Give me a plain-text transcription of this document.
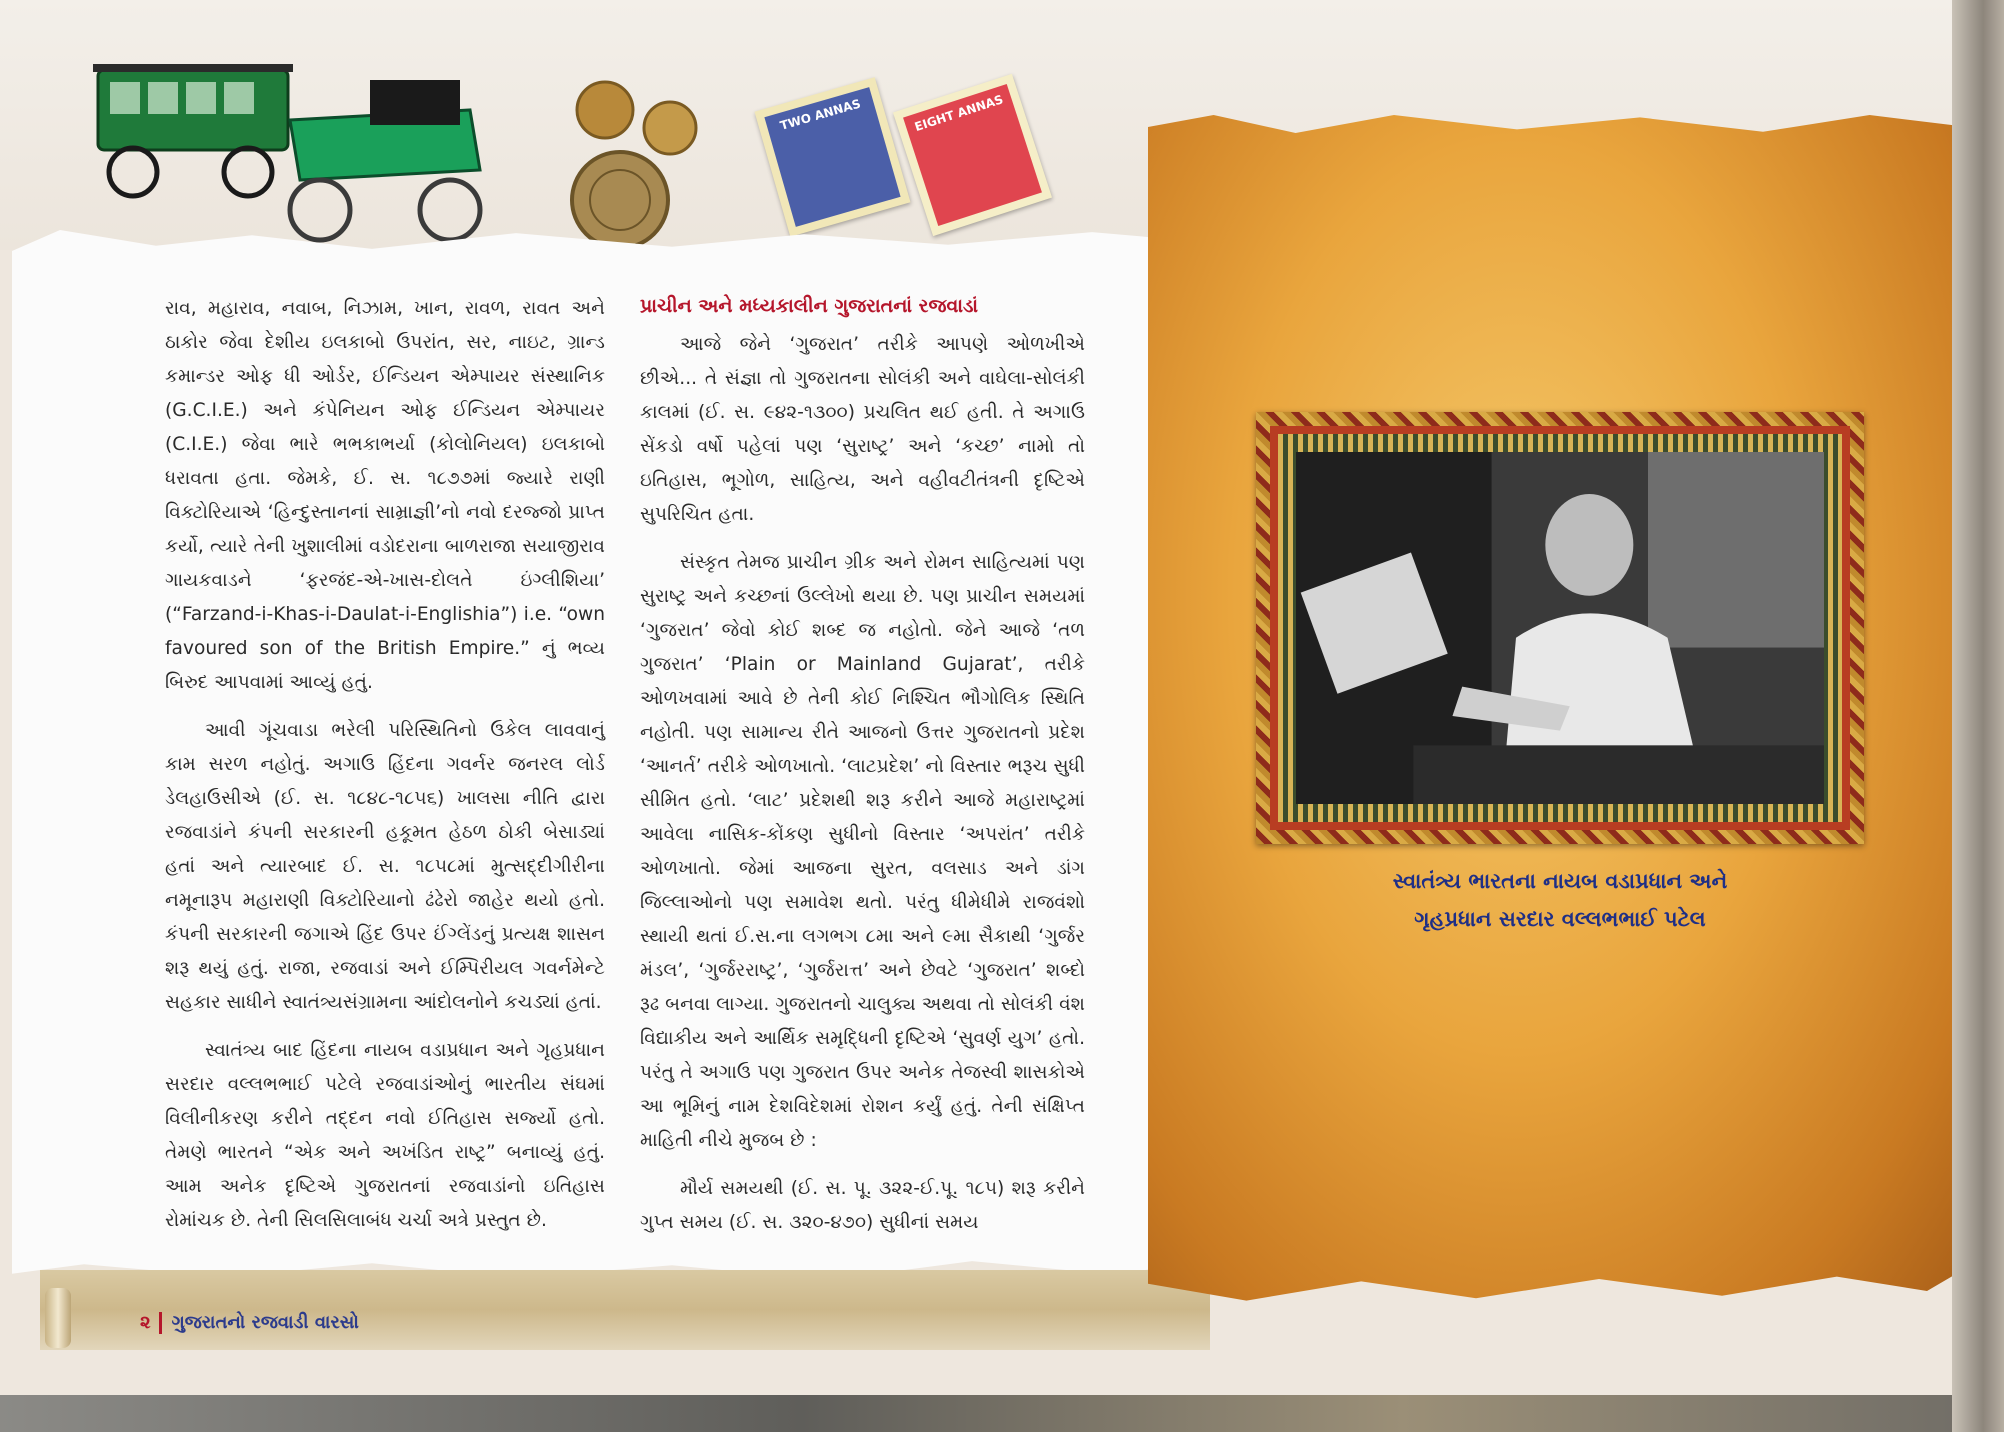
TWO ANNAS	EIGHT ANNAS

રાવ, મહારાવ, નવાબ, નિઝામ, ખાન, રાવળ, રાવત અને ઠાકોર જેવા દેશીય ઇલકાબો ઉપરાંત, સર, નાઇટ, ગ્રાન્ડ કમાન્ડર ઓફ ધી ઓર્ડર, ઈન્ડિયન એમ્પાયર સંસ્થાનિક (G.C.I.E.) અને કંપેનિયન ઓફ ઈન્ડિયન એમ્પાયર (C.I.E.) જેવા ભારે ભભકાભર્યા (કોલોનિયલ) ઇલકાબો ધરાવતા હતા. જેમકે, ઈ. સ. ૧૮૭૭માં જ્યારે રાણી વિક્ટોરિયાએ ‘હિન્દુસ્તાનનાં સામ્રાજ્ઞી’નો નવો દરજ્જો પ્રાપ્ત કર્યો, ત્યારે તેની ખુશાલીમાં વડોદરાના બાળરાજા સયાજીરાવ ગાયકવાડને ‘ફરજંદ-એ-ખાસ-દોલતે ઇંગ્લીશિયા’ (“Farzand-i-Khas-i-Daulat-i-Englishia”) i.e. “own favoured son of the British Empire.” નું ભવ્ય બિરુદ આપવામાં આવ્યું હતું.

આવી ગૂંચવાડા ભરેલી પરિસ્થિતિનો ઉકેલ લાવવાનું કામ સરળ નહોતું. અગાઉ હિંદના ગવર્નર જનરલ લોર્ડ ડેલહાઉસીએ (ઈ. સ. ૧૮૪૮-૧૮૫૬) ખાલસા નીતિ દ્વારા રજવાડાંને કંપની સરકારની હકૂમત હેઠળ ઠોકી બેસાડ્યાં હતાં અને ત્યારબાદ ઈ. સ. ૧૮૫૮માં મુત્સદ્દીગીરીના નમૂનારૂપ મહારાણી વિક્ટોરિયાનો ઢંઢેરો જાહેર થયો હતો. કંપની સરકારની જગાએ હિંદ ઉપર ઈંગ્લેંડનું પ્રત્યક્ષ શાસન શરૂ થયું હતું. રાજા, રજવાડાં અને ઈમ્પિરીયલ ગવર્નમેન્ટે સહકાર સાધીને સ્વાતંત્ર્યસંગ્રામના આંદોલનોને કચડ્યાં હતાં.

સ્વાતંત્ર્ય બાદ હિંદના નાયબ વડાપ્રધાન અને ગૃહપ્રધાન સરદાર વલ્લભભાઈ પટેલે રજવાડાંઓનું ભારતીય સંઘમાં વિલીનીકરણ કરીને તદ્દન નવો ઈતિહાસ સર્જ્યો હતો. તેમણે ભારતને “એક અને અખંડિત રાષ્ટ્ર” બનાવ્યું હતું. આમ અનેક દૃષ્ટિએ ગુજરાતનાં રજવાડાંનો ઇતિહાસ રોમાંચક છે. તેની સિલસિલાબંધ ચર્ચા અત્રે પ્રસ્તુત છે.

પ્રાચીન અને મધ્યકાલીન ગુજરાતનાં રજવાડાં

આજે જેને ‘ગુજરાત’ તરીકે આપણે ઓળખીએ છીએ... તે સંજ્ઞા તો ગુજરાતના સોલંકી અને વાઘેલા-સોલંકી કાલમાં (ઈ. સ. ૯૪૨-૧૩૦૦) પ્રચલિત થઈ હતી. તે અગાઉ સેંકડો વર્ષો પહેલાં પણ ‘સુરાષ્ટ્ર’ અને ‘કચ્છ’ નામો તો ઇતિહાસ, ભૂગોળ, સાહિત્ય, અને વહીવટીતંત્રની દૃષ્ટિએ સુપરિચિત હતા.

સંસ્કૃત તેમજ પ્રાચીન ગ્રીક અને રોમન સાહિત્યમાં પણ સુરાષ્ટ્ર અને કચ્છનાં ઉલ્લેખો થયા છે. પણ પ્રાચીન સમયમાં ‘ગુજરાત’ જેવો કોઈ શબ્દ જ નહોતો. જેને આજે ‘તળ ગુજરાત’ ‘Plain or Mainland Gujarat’, તરીકે ઓળખવામાં આવે છે તેની કોઈ નિશ્ચિત ભૌગોલિક સ્થિતિ નહોતી. પણ સામાન્ય રીતે આજનો ઉત્તર ગુજરાતનો પ્રદેશ ‘આનર્ત’ તરીકે ઓળખાતો. ‘લાટપ્રદેશ’ નો વિસ્તાર ભરૂચ સુધી સીમિત હતો. ‘લાટ’ પ્રદેશથી શરૂ કરીને આજે મહારાષ્ટ્રમાં આવેલા નાસિક-કોંકણ સુધીનો વિસ્તાર ‘અપરાંત’ તરીકે ઓળખાતો. જેમાં આજના સુરત, વલસાડ અને ડાંગ જિલ્લાઓનો પણ સમાવેશ થતો. પરંતુ ધીમેધીમે રાજવંશો સ્થાયી થતાં ઈ.સ.ના લગભગ ૮મા અને ૯મા સૈકાથી ‘ગુર્જર મંડલ’, ‘ગુર્જરરાષ્ટ્ર’, ‘ગુર્જરાત્ત’ અને છેવટે ‘ગુજરાત’ શબ્દો રૂઢ બનવા લાગ્યા. ગુજરાતનો ચાલુક્ય અથવા તો સોલંકી વંશ વિદ્યાકીય અને આર્થિક સમૃદ્ધિની દૃષ્ટિએ ‘સુવર્ણ યુગ’ હતો. પરંતુ તે અગાઉ પણ ગુજરાત ઉપર અનેક તેજસ્વી શાસકોએ આ ભૂમિનું નામ દેશવિદેશમાં રોશન કર્યું હતું. તેની સંક્ષિપ્ત માહિતી નીચે મુજબ છે :

મૌર્ય સમયથી (ઈ. સ. પૂ. ૩૨૨-ઈ.પૂ. ૧૮૫) શરૂ કરીને ગુપ્ત સમય (ઈ. સ. ૩૨૦-૪૭૦) સુધીનાં સમય

સ્વાતંત્ર્ય ભારતના નાયબ વડાપ્રધાન અને
ગૃહપ્રધાન સરદાર વલ્લભભાઈ પટેલ
૨ ગુજરાતનો રજવાડી વારસો
